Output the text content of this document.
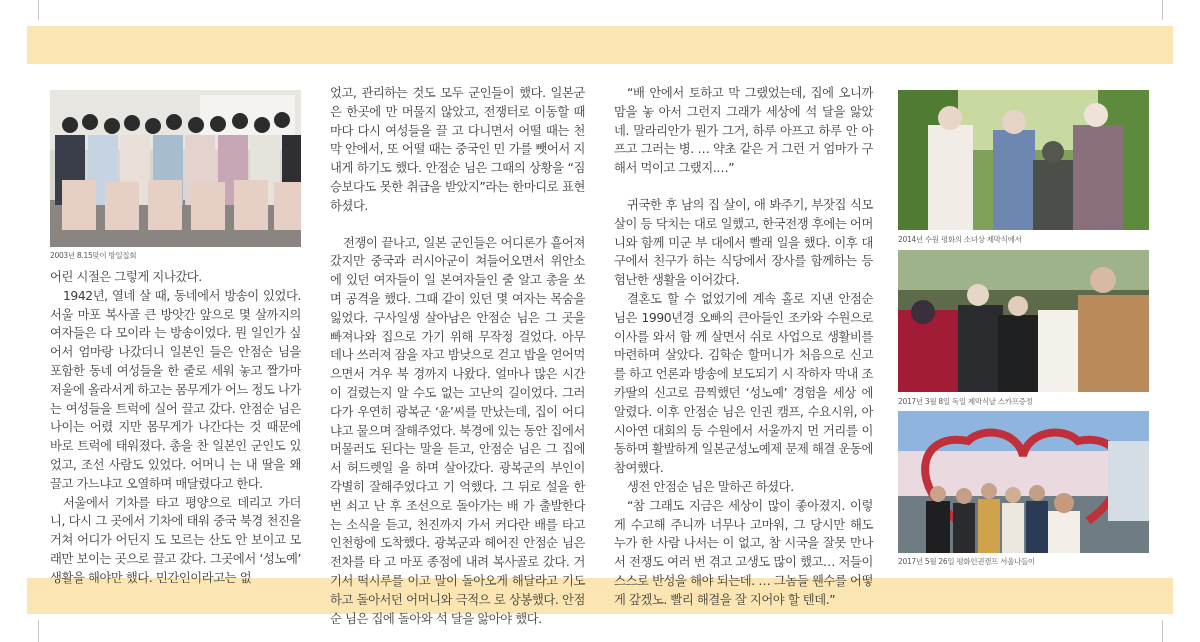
2003년 8.15맞이 방일집회
2014년 수원 평화의 소녀상 제막식에서
2017년 3월 8일 독일 제막식날 스카프증정
2017년 5월 26일 평화인권캠프 서울나들이

어린 시절은 그렇게 지나갔다.

1942년, 열네 살 때, 동네에서 방송이 있었다. 서울 마포 복사골 큰 방앗간 앞으로 몇 살까지의 여자들은 다 모이라 는 방송이었다. 뭔 일인가 싶어서 엄마랑 나갔더니 일본인 들은 안점순 님을 포함한 동네 여성들을 한 줄로 세워 놓고 짤가마 저울에 올라서게 하고는 몸무게가 어느 정도 나가는 여성들을 트럭에 실어 끌고 갔다. 안점순 님은 나이는 어렸 지만 몸무게가 나간다는 것 때문에 바로 트럭에 태워졌다. 총을 찬 일본인 군인도 있었고, 조선 사람도 있었다. 어머니 는 내 딸을 왜 끌고 가느냐고 오열하며 매달렸다고 한다.

서울에서 기차를 타고 평양으로 데리고 가더니, 다시 그 곳에서 기차에 태워 중국 북경 천진을 거쳐 어디가 어딘지 도 모르는 산도 안 보이고 모래만 보이는 곳으로 끌고 갔다. 그곳에서 ‘성노예’ 생활을 해야만 했다. 민간인이라고는 없

었고, 관리하는 것도 모두 군인들이 했다. 일본군은 한곳에 만 머물지 않았고, 전쟁터로 이동할 때마다 다시 여성들을 끌 고 다니면서 어떨 때는 천막 안에서, 또 어떨 때는 중국인 민 가를 뺏어서 지내게 하기도 했다. 안점순 님은 그때의 상황을 “짐승보다도 못한 취급을 받았지”라는 한마디로 표현하셨다.

전쟁이 끝나고, 일본 군인들은 어디론가 흩어져 갔지만 중국과 러시아군이 쳐들어오면서 위안소에 있던 여자들이 일 본여자들인 줄 알고 총을 쏘며 공격을 했다. 그때 같이 있던 몇 여자는 목숨을 잃었다. 구사일생 살아남은 안점순 님은 그 곳을 빠져나와 집으로 가기 위해 무작정 걸었다. 아무 데나 쓰러져 잠을 자고 밤낮으로 걷고 밥을 얻어먹으면서 겨우 북 경까지 나왔다. 얼마나 많은 시간이 걸렸는지 알 수도 없는 고난의 길이었다. 그러다가 우연히 광복군 ‘윤’씨를 만났는데, 집이 어디냐고 물으며 잘해주었다. 북경에 있는 동안 집에서 머물러도 된다는 말을 듣고, 안점순 님은 그 집에서 허드렛일 을 하며 살아갔다. 광복군의 부인이 각별히 잘해주었다고 기 억했다. 그 뒤로 설을 한 번 쇠고 난 후 조선으로 돌아가는 배 가 출발한다는 소식을 듣고, 천진까지 가서 커다란 배를 타고 인천항에 도착했다. 광복군과 헤어진 안점순 님은 전차를 타 고 마포 종점에 내려 복사골로 갔다. 거기서 떡시루를 이고 말이 돌아오게 해달라고 기도하고 돌아서던 어머니와 극적으 로 상봉했다. 안점순 님은 집에 돌아와 석 달을 앓아야 했다.

“배 안에서 토하고 막 그랬었는데, 집에 오니까 맘을 놓 아서 그런지 그래가 세상에 석 달을 앓았네. 말라리안가 뭔가 그거, 하루 아프고 하루 안 아프고 그러는 병. … 약초 같은 거 그런 거 엄마가 구해서 먹이고 그랬지.…”

귀국한 후 남의 집 살이, 애 봐주기, 부잣집 식모살이 등 닥치는 대로 일했고, 한국전쟁 후에는 어머니와 함께 미군 부 대에서 빨래 일을 했다. 이후 대구에서 친구가 하는 식당에서 장사를 함께하는 등 험난한 생활을 이어갔다.

결혼도 할 수 없었기에 계속 홀로 지낸 안점순 님은 1990년경 오빠의 큰아들인 조카와 수원으로 이사를 와서 함 께 살면서 쉬로 사업으로 생활비를 마련하며 살았다. 김학순 할머니가 처음으로 신고를 하고 언론과 방송에 보도되기 시 작하자 막내 조카딸의 신고로 끔찍했던 ‘성노예’ 경험을 세상 에 알렸다. 이후 안점순 님은 인권 캠프, 수요시위, 아시아연 대회의 등 수원에서 서울까지 먼 거리를 이동하며 활발하게 일본군성노예제 문제 해결 운동에 참여했다.

생전 안점순 님은 말하곤 하셨다.

“참 그래도 지금은 세상이 많이 좋아졌지. 이렇게 수고해 주니까 너무나 고마워, 그 당시만 해도 누가 한 사람 나서는 이 없고, 참 시국을 잘못 만나서 전쟁도 여러 번 겪고 고생도 많이 했고… 저들이 스스로 반성을 해야 되는데. … 그놈들 웬수를 어떻게 갚겠노. 빨리 해결을 잘 지어야 할 텐데.”
